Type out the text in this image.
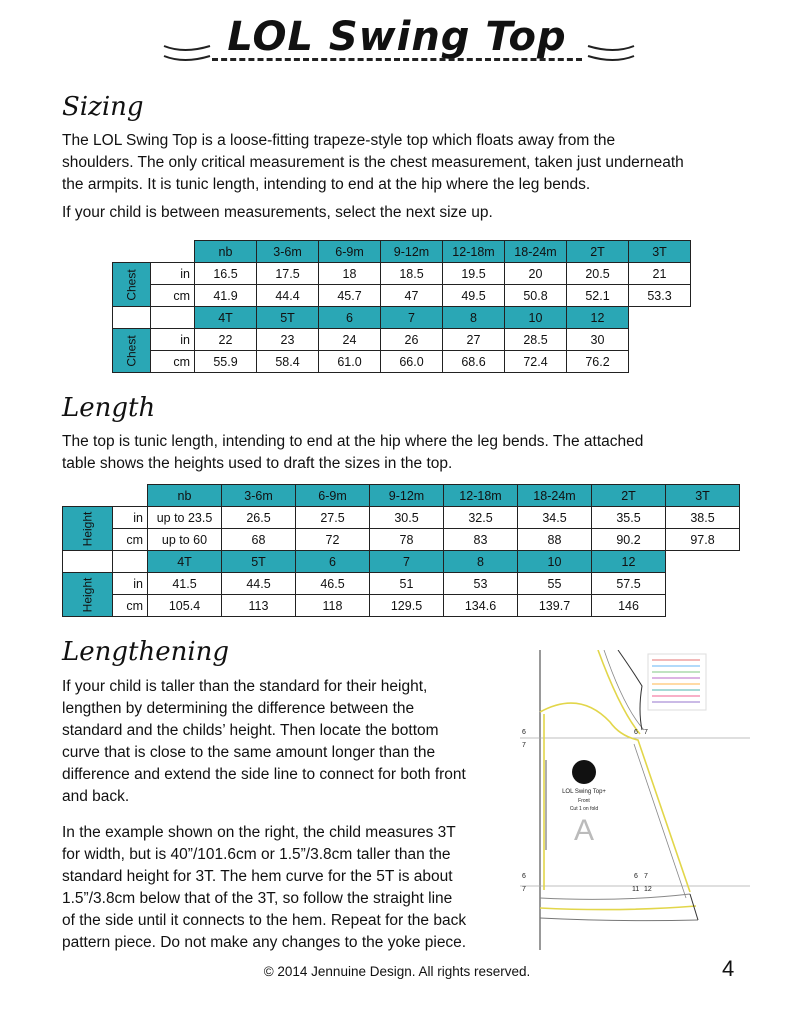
LOL Swing Top
Sizing
The LOL Swing Top is a loose-fitting trapeze-style top which floats away from the
shoulders. The only critical measurement is the chest measurement, taken just underneath
the armpits. It is tunic length, intending to end at the hip where the leg bends.
If your child is between measurements, select the next size up.
		nb	3-6m	6-9m	9-12m	12-18m	18-24m	2T	3T
Chest	in	16.5	17.5	18	18.5	19.5	20	20.5	21
	cm	41.9	44.4	45.7	47	49.5	50.8	52.1	53.3
		4T	5T	6	7	8	10	12	
Chest	in	22	23	24	26	27	28.5	30	
	cm	55.9	58.4	61.0	66.0	68.6	72.4	76.2	
Length
The top is tunic length, intending to end at the hip where the leg bends. The attached
table shows the heights used to draft the sizes in the top.
		nb	3-6m	6-9m	9-12m	12-18m	18-24m	2T	3T
Height	in	up to 23.5	26.5	27.5	30.5	32.5	34.5	35.5	38.5
	cm	up to 60	68	72	78	83	88	90.2	97.8
		4T	5T	6	7	8	10	12	
Height	in	41.5	44.5	46.5	51	53	55	57.5	
	cm	105.4	113	118	129.5	134.6	139.7	146	
Lengthening
If your child is taller than the standard for their height,
lengthen by determining the difference between the
standard and the childs’ height. Then locate the bottom
curve that is close to the same amount longer than the
difference and extend the side line to connect for both front
and back.
In the example shown on the right, the child measures 3T
for width, but is 40”/101.6cm or 1.5”/3.8cm taller than the
standard height for 3T. The hem curve for the 5T is about
1.5”/3.8cm below that of the 3T, so follow the straight line
of the side until it connects to the hem. Repeat for the back
pattern piece. Do not make any changes to the yoke piece.
LOL Swing Top+
Front
Cut 1 on fold
A
6
7
6
7
6 7
6 7
11 12
© 2014 Jennuine Design. All rights reserved.	4
